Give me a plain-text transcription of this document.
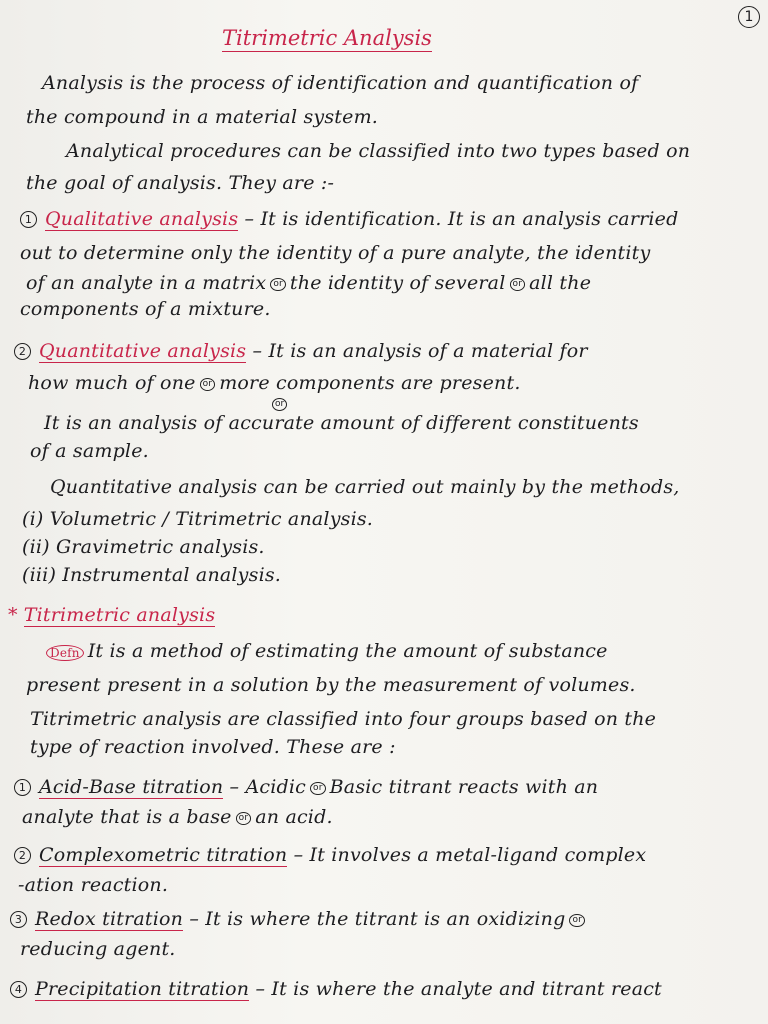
1
Titrimetric Analysis
Analysis is the process of identification and quantification of
the compound in a material system.
Analytical procedures can be classified into two types based on
the goal of analysis. They are :-
1 Qualitative analysis – It is identification. It is an analysis carried
out to determine only the identity of a pure analyte, the identity
of an analyte in a matrix or the identity of several or all the
components of a mixture.
2 Quantitative analysis – It is an analysis of a material for
how much of one or more components are present.
or
It is an analysis of accurate amount of different constituents
of a sample.
Quantitative analysis can be carried out mainly by the methods,
(i) Volumetric / Titrimetric analysis.
(ii) Gravimetric analysis.
(iii) Instrumental analysis.
* Titrimetric analysis
Defn It is a method of estimating the amount of substance
present present in a solution by the measurement of volumes.
Titrimetric analysis are classified into four groups based on the
type of reaction involved. These are :
1 Acid-Base titration – Acidic or Basic titrant reacts with an
analyte that is a base or an acid.
2 Complexometric titration – It involves a metal-ligand complex
-ation reaction.
3 Redox titration – It is where the titrant is an oxidizing or
reducing agent.
4 Precipitation titration – It is where the analyte and titrant react
